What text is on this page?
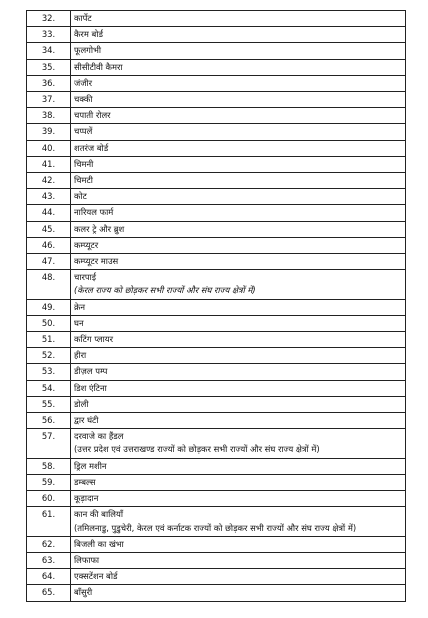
32.	कार्पेट
33.	कैरम बोर्ड
34.	फूलगोभी
35.	सीसीटीवी कैमरा
36.	जंजीर
37.	चक्की
38.	चपाती रोलर
39.	चप्पलें
40.	शतरंज बोर्ड
41.	चिमनी
42.	चिमटी
43.	कोट
44.	नारियल फार्म
45.	कलर ट्रे और ब्रुश
46.	कम्प्यूटर
47.	कम्प्यूटर माउस
48.	चारपाई
(केरल राज्य को छोड़कर सभी राज्यों और संघ राज्य क्षेत्रों में)

49.	क्रेन
50.	घन
51.	कटिंग प्लायर
52.	हीरा
53.	डीज़ल पम्प
54.	डिश एंटिना
55.	डोली
56.	द्वार घंटी
57.	दरवाजे का हैंडल
(उत्तर प्रदेश एवं उत्तराखण्ड राज्यों को छोड़कर सभी राज्यों और संघ राज्य क्षेत्रों में)

58.	ड्रिल मशीन
59.	डम्बल्स
60.	कूड़ादान
61.	कान की बालियाँ
(तमिलनाडु, पुडुचेरी, केरल एवं कर्नाटक राज्यों को छोड़कर सभी राज्यों और संघ राज्य क्षेत्रों में)

62.	बिजली का खंभा
63.	लिफाफा
64.	एक्सटेंशन बोर्ड
65.	बाँसुरी
